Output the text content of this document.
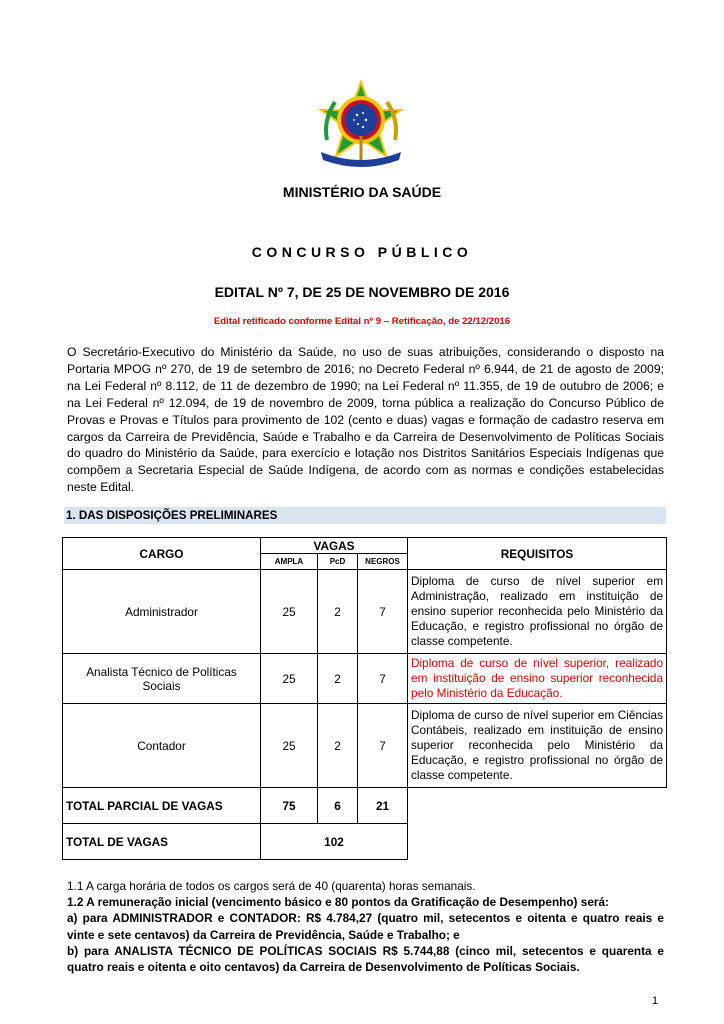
MINISTÉRIO DA SAÚDE
CONCURSO PÚBLICO
EDITAL Nº 7, DE 25 DE NOVEMBRO DE 2016
Edital retificado conforme Edital nº 9 – Retificação, de 22/12/2016

O Secretário-Executivo do Ministério da Saúde, no uso de suas atribuições, considerando o disposto na Portaria MPOG nº 270, de 19 de setembro de 2016; no Decreto Federal nº 6.944, de 21 de agosto de 2009; na Lei Federal nº 8.112, de 11 de dezembro de 1990; na Lei Federal nº 11.355, de 19 de outubro de 2006; e na Lei Federal nº 12.094, de 19 de novembro de 2009, torna pública a realização do Concurso Público de Provas e Provas e Títulos para provimento de 102 (cento e duas) vagas e formação de cadastro reserva em cargos da Carreira de Previdência, Saúde e Trabalho e da Carreira de Desenvolvimento de Políticas Sociais do quadro do Ministério da Saúde, para exercício e lotação nos Distritos Sanitários Especiais Indígenas que compõem a Secretaria Especial de Saúde Indígena, de acordo com as normas e condições estabelecidas neste Edital.

1. DAS DISPOSIÇÕES PRELIMINARES
CARGO	VAGAS			REQUISITOS
	AMPLA	PcD	NEGROS	
Administrador	25	2	7	Diploma de curso de nível superior em Administração, realizado em instituição de ensino superior reconhecida pelo Ministério da Educação, e registro profissional no órgão de classe competente.
Analista Técnico de Políticas Sociais	25	2	7	Diploma de curso de nível superior, realizado em instituição de ensino superior reconhecida pelo Ministério da Educação.
Contador	25	2	7	Diploma de curso de nível superior em Ciências Contábeis, realizado em instituição de ensino superior reconhecida pelo Ministério da Educação, e registro profissional no órgão de classe competente.
TOTAL PARCIAL DE VAGAS	75	6	21	
TOTAL DE VAGAS	102			

1.1 A carga horária de todos os cargos será de 40 (quarenta) horas semanais.

1.2 A remuneração inicial (vencimento básico e 80 pontos da Gratificação de Desempenho) será:

a) para ADMINISTRADOR e CONTADOR: R$ 4.784,27 (quatro mil, setecentos e oitenta e quatro reais e vinte e sete centavos) da Carreira de Previdência, Saúde e Trabalho; e

b) para ANALISTA TÉCNICO DE POLÍTICAS SOCIAIS R$ 5.744,88 (cinco mil, setecentos e quarenta e quatro reais e oitenta e oito centavos) da Carreira de Desenvolvimento de Políticas Sociais.

1
